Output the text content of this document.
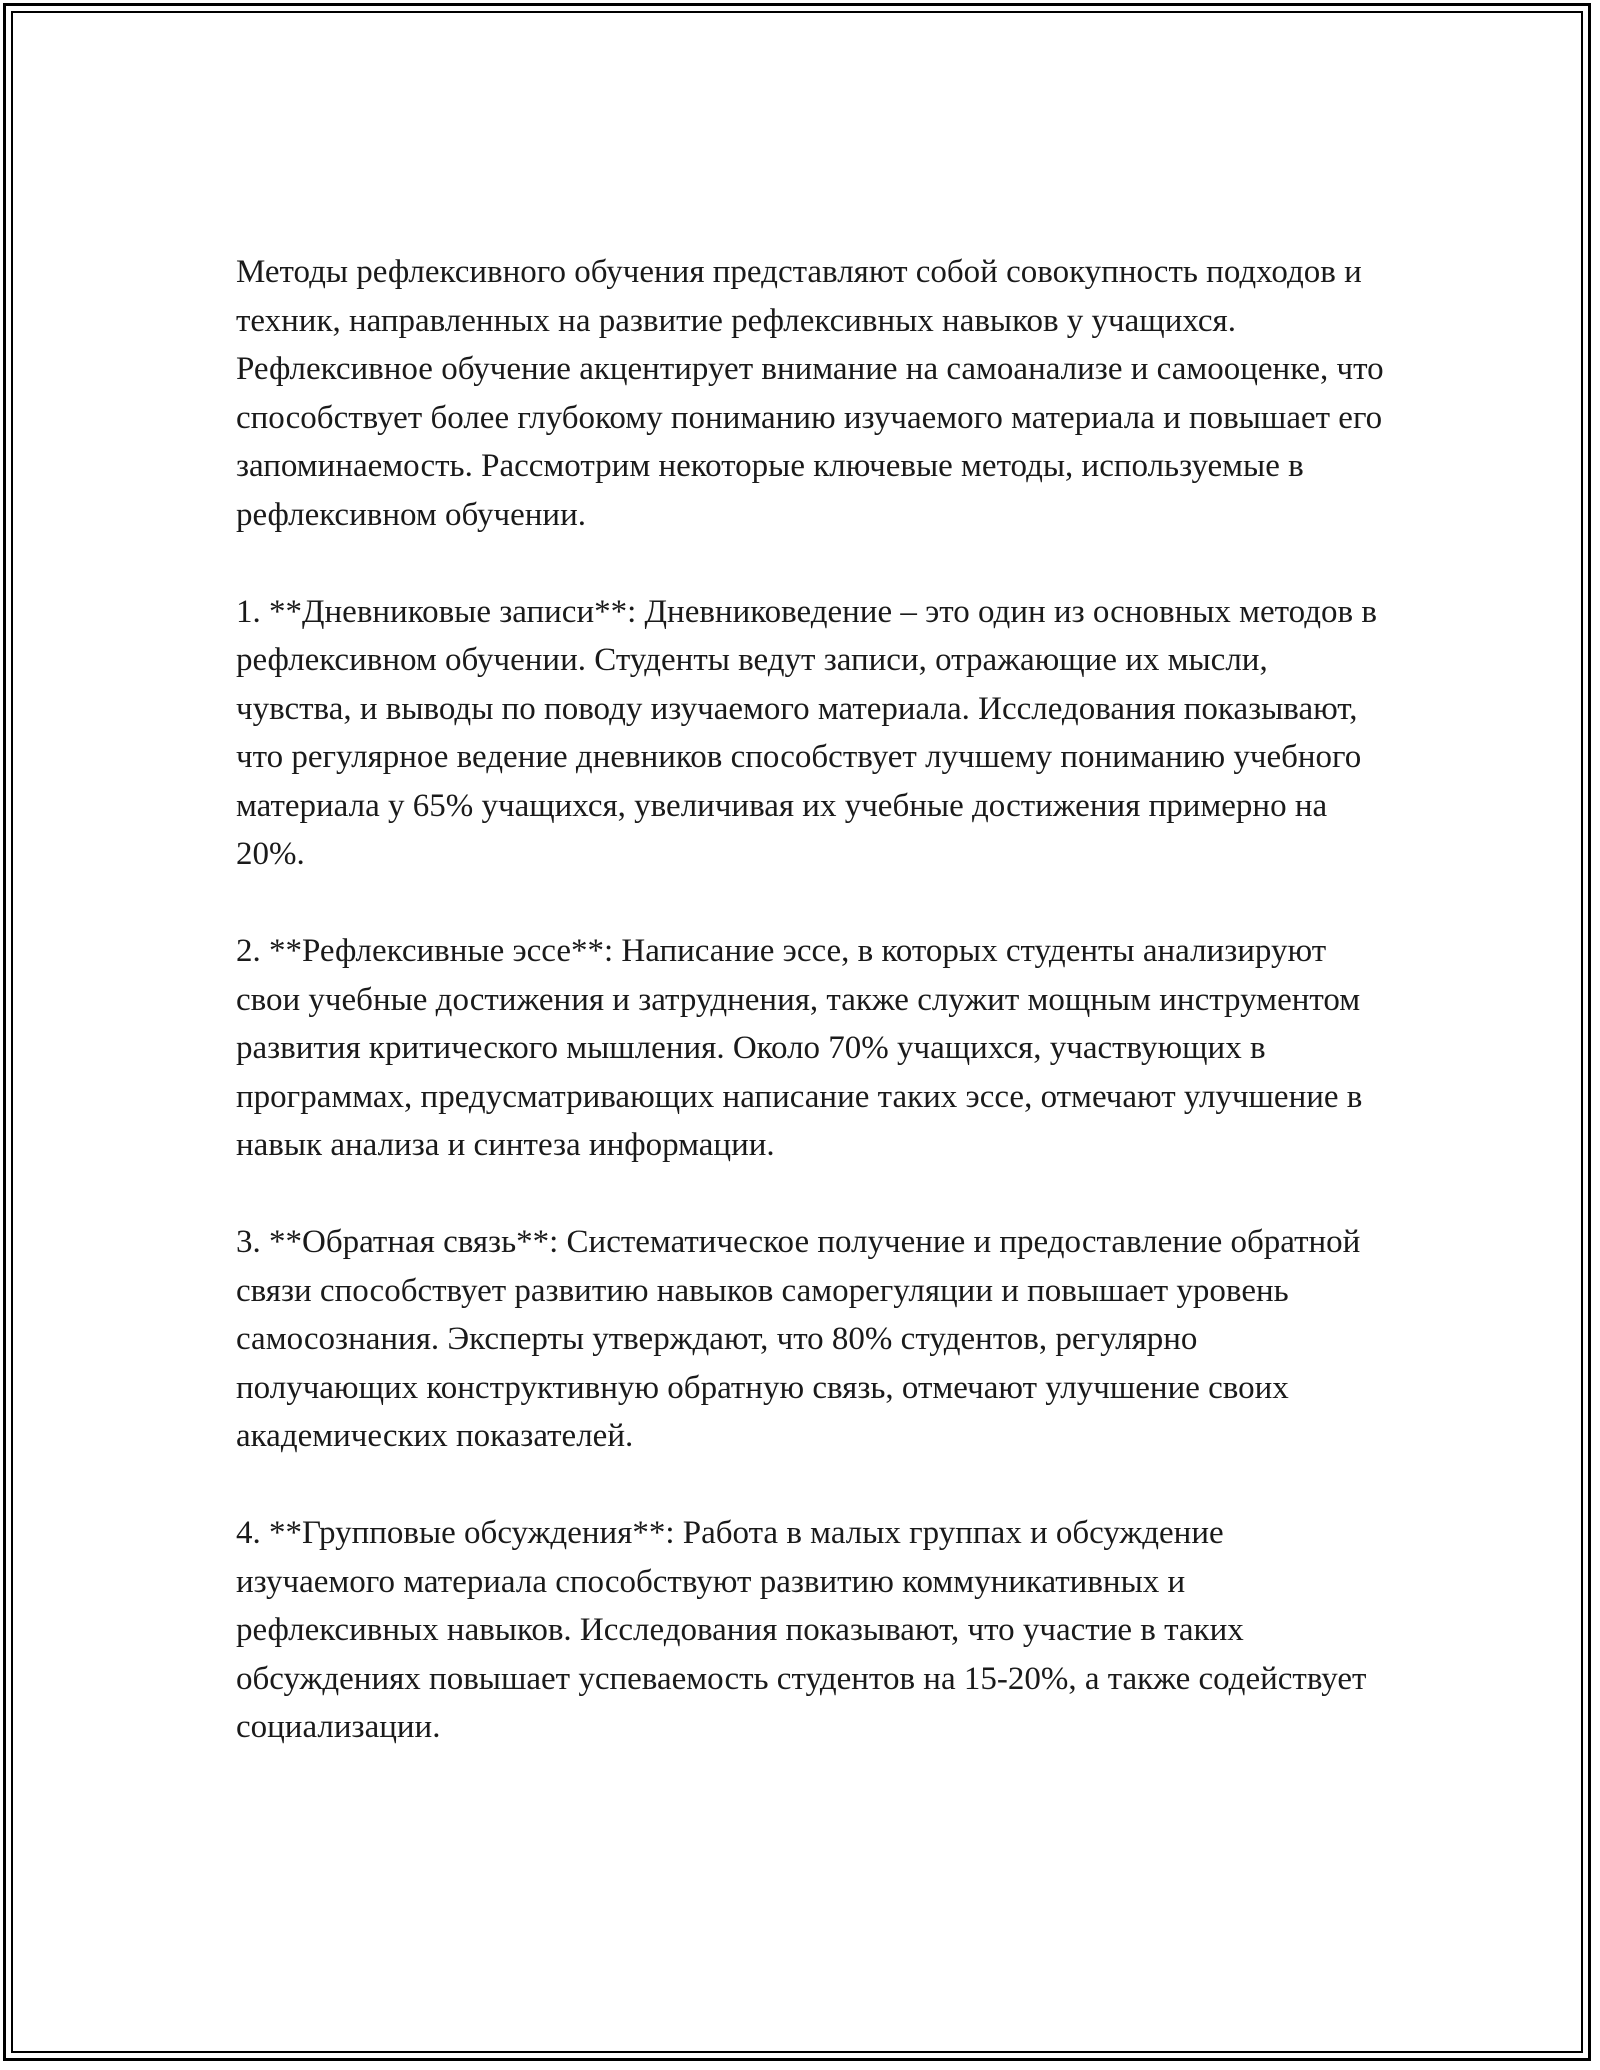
Методы рефлексивного обучения представляют собой совокупность подходов и техник, направленных на развитие рефлексивных навыков у учащихся. Рефлексивное обучение акцентирует внимание на самоанализе и самооценке, что способствует более глубокому пониманию изучаемого материала и повышает его запоминаемость. Рассмотрим некоторые ключевые методы, используемые в рефлексивном обучении.

1. **Дневниковые записи**: Дневниковедение – это один из основных методов в рефлексивном обучении. Студенты ведут записи, отражающие их мысли, чувства, и выводы по поводу изучаемого материала. Исследования показывают, что регулярное ведение дневников способствует лучшему пониманию учебного материала у 65% учащихся, увеличивая их учебные достижения примерно на 20%.

2. **Рефлексивные эссе**: Написание эссе, в которых студенты анализируют свои учебные достижения и затруднения, также служит мощным инструментом развития критического мышления. Около 70% учащихся, участвующих в программах, предусматривающих написание таких эссе, отмечают улучшение в навык анализа и синтеза информации.

3. **Обратная связь**: Систематическое получение и предоставление обратной связи способствует развитию навыков саморегуляции и повышает уровень самосознания. Эксперты утверждают, что 80% студентов, регулярно получающих конструктивную обратную связь, отмечают улучшение своих академических показателей.

4. **Групповые обсуждения**: Работа в малых группах и обсуждение изучаемого материала способствуют развитию коммуникативных и рефлексивных навыков. Исследования показывают, что участие в таких обсуждениях повышает успеваемость студентов на 15-20%, а также содействует социализации.
